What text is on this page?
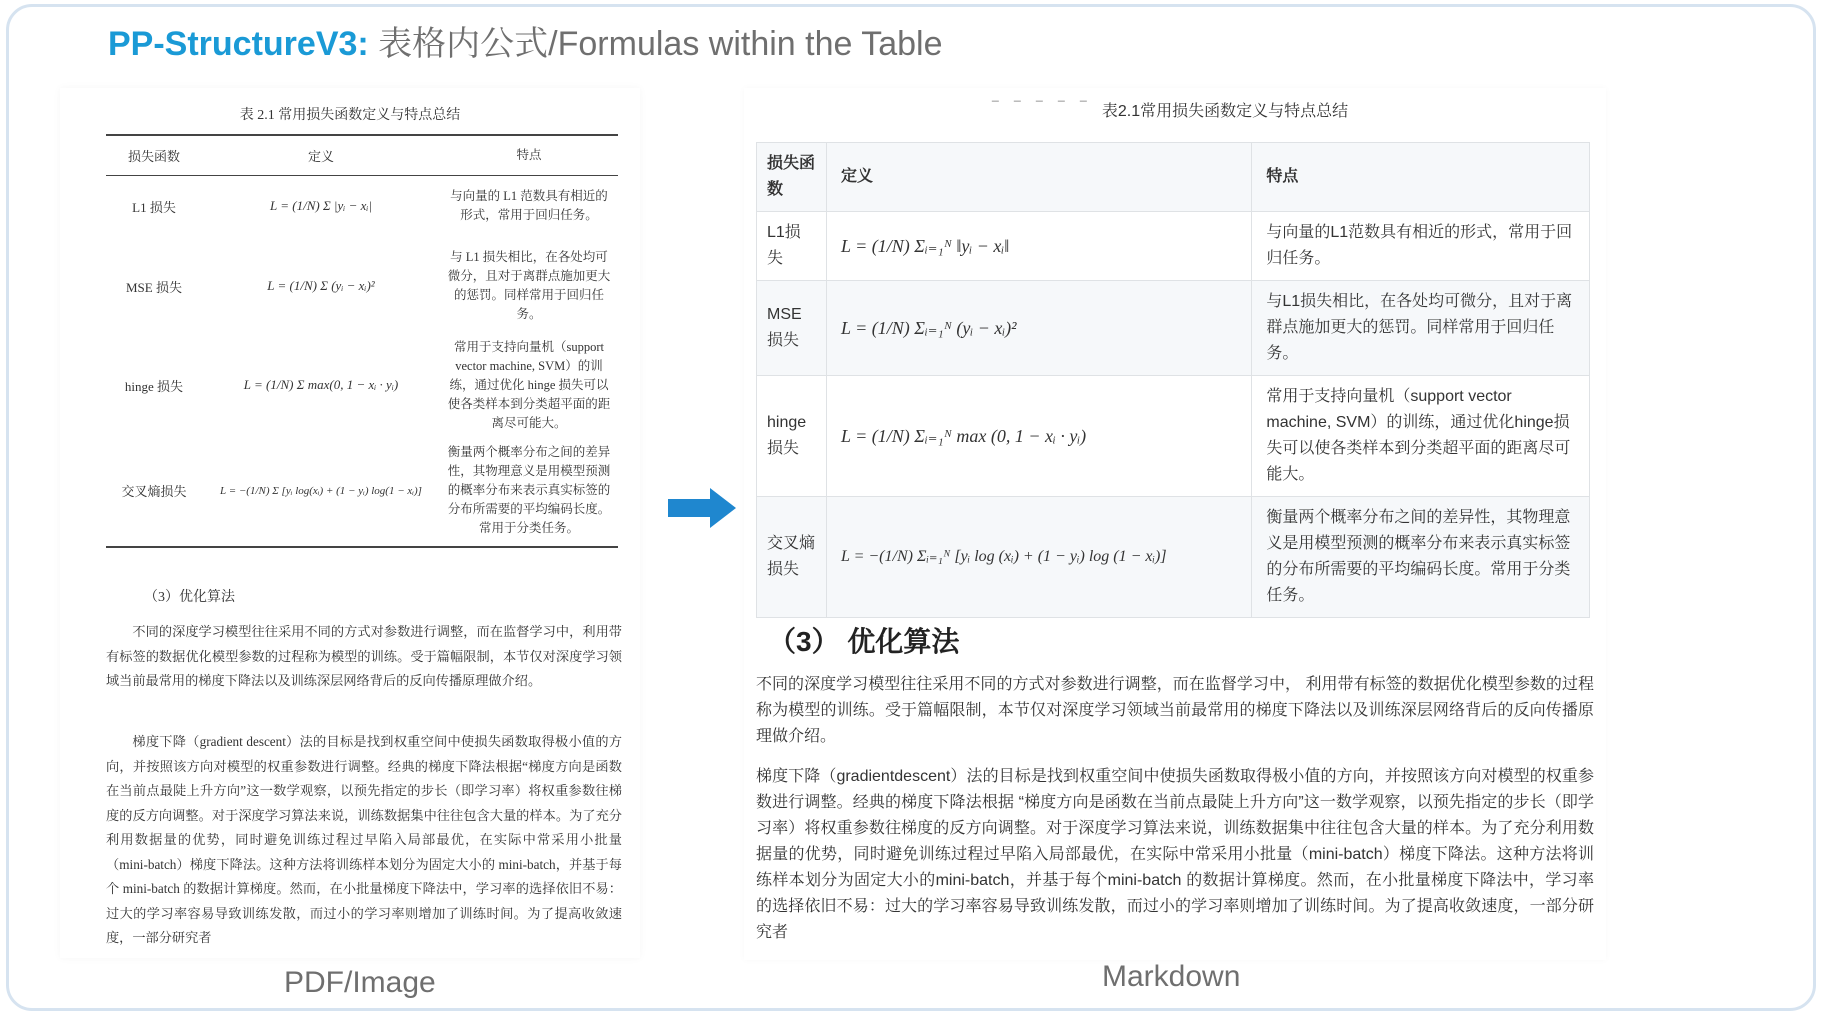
PP-StructureV3: 表格内公式/Formulas within the Table
表 2.1 常用损失函数定义与特点总结
损失函数	定义	特点
L1 损失	L = (1/N) Σ |yᵢ − xᵢ|	与向量的 L1 范数具有相近的形式，常用于回归任务。
MSE 损失	L = (1/N) Σ (yᵢ − xᵢ)²	与 L1 损失相比，在各处均可微分，且对于离群点施加更大的惩罚。同样常用于回归任务。
hinge 损失	L = (1/N) Σ max(0, 1 − xᵢ · yᵢ)	常用于支持向量机（support vector machine, SVM）的训练，通过优化 hinge 损失可以使各类样本到分类超平面的距离尽可能大。
交叉熵损失	L = −(1/N) Σ [yᵢ log(xᵢ) + (1 − yᵢ) log(1 − xᵢ)]	衡量两个概率分布之间的差异性，其物理意义是用模型预测的概率分布来表示真实标签的分布所需要的平均编码长度。常用于分类任务。
（3）优化算法
不同的深度学习模型往往采用不同的方式对参数进行调整，而在监督学习中，利用带有标签的数据优化模型参数的过程称为模型的训练。受于篇幅限制，本节仅对深度学习领域当前最常用的梯度下降法以及训练深层网络背后的反向传播原理做介绍。
梯度下降（gradient descent）法的目标是找到权重空间中使损失函数取得极小值的方向，并按照该方向对模型的权重参数进行调整。经典的梯度下降法根据“梯度方向是函数在当前点最陡上升方向”这一数学观察，以预先指定的步长（即学习率）将权重参数往梯度的反方向调整。对于深度学习算法来说，训练数据集中往往包含大量的样本。为了充分利用数据量的优势，同时避免训练过程过早陷入局部最优，在实际中常采用小批量（mini-batch）梯度下降法。这种方法将训练样本划分为固定大小的 mini-batch，并基于每个 mini-batch 的数据计算梯度。然而，在小批量梯度下降法中，学习率的选择依旧不易：过大的学习率容易导致训练发散，而过小的学习率则增加了训练时间。为了提高收敛速度，一部分研究者
_ _ _ _ _
表2.1常用损失函数定义与特点总结
损失函数	定义	特点
L1损失	L = (1/N) Σᵢ₌₁ᴺ ‖yᵢ − xᵢ‖	与向量的L1范数具有相近的形式，常用于回归任务。
MSE损失	L = (1/N) Σᵢ₌₁ᴺ (yᵢ − xᵢ)²	与L1损失相比，在各处均可微分，且对于离群点施加更大的惩罚。同样常用于回归任务。
hinge损失	L = (1/N) Σᵢ₌₁ᴺ max (0, 1 − xᵢ · yᵢ)	常用于支持向量机（support vector machine, SVM）的训练，通过优化hinge损失可以使各类样本到分类超平面的距离尽可能大。
交叉熵损失	L = −(1/N) Σᵢ₌₁ᴺ [yᵢ log (xᵢ) + (1 − yᵢ) log (1 − xᵢ)]	衡量两个概率分布之间的差异性，其物理意义是用模型预测的概率分布来表示真实标签的分布所需要的平均编码长度。常用于分类任务。
（3） 优化算法
不同的深度学习模型往往采用不同的方式对参数进行调整，而在监督学习中， 利用带有标签的数据优化模型参数的过程称为模型的训练。受于篇幅限制，本节仅对深度学习领域当前最常用的梯度下降法以及训练深层网络背后的反向传播原理做介绍。
梯度下降（gradientdescent）法的目标是找到权重空间中使损失函数取得极小值的方向，并按照该方向对模型的权重参数进行调整。经典的梯度下降法根据 “梯度方向是函数在当前点最陡上升方向”这一数学观察，以预先指定的步长（即学习率）将权重参数往梯度的反方向调整。对于深度学习算法来说，训练数据集中往往包含大量的样本。为了充分利用数据量的优势，同时避免训练过程过早陷入局部最优，在实际中常采用小批量（mini-batch）梯度下降法。这种方法将训练样本划分为固定大小的mini-batch，并基于每个mini-batch 的数据计算梯度。然而，在小批量梯度下降法中，学习率的选择依旧不易：过大的学习率容易导致训练发散，而过小的学习率则增加了训练时间。为了提高收敛速度，一部分研究者
PDF/Image	Markdown
